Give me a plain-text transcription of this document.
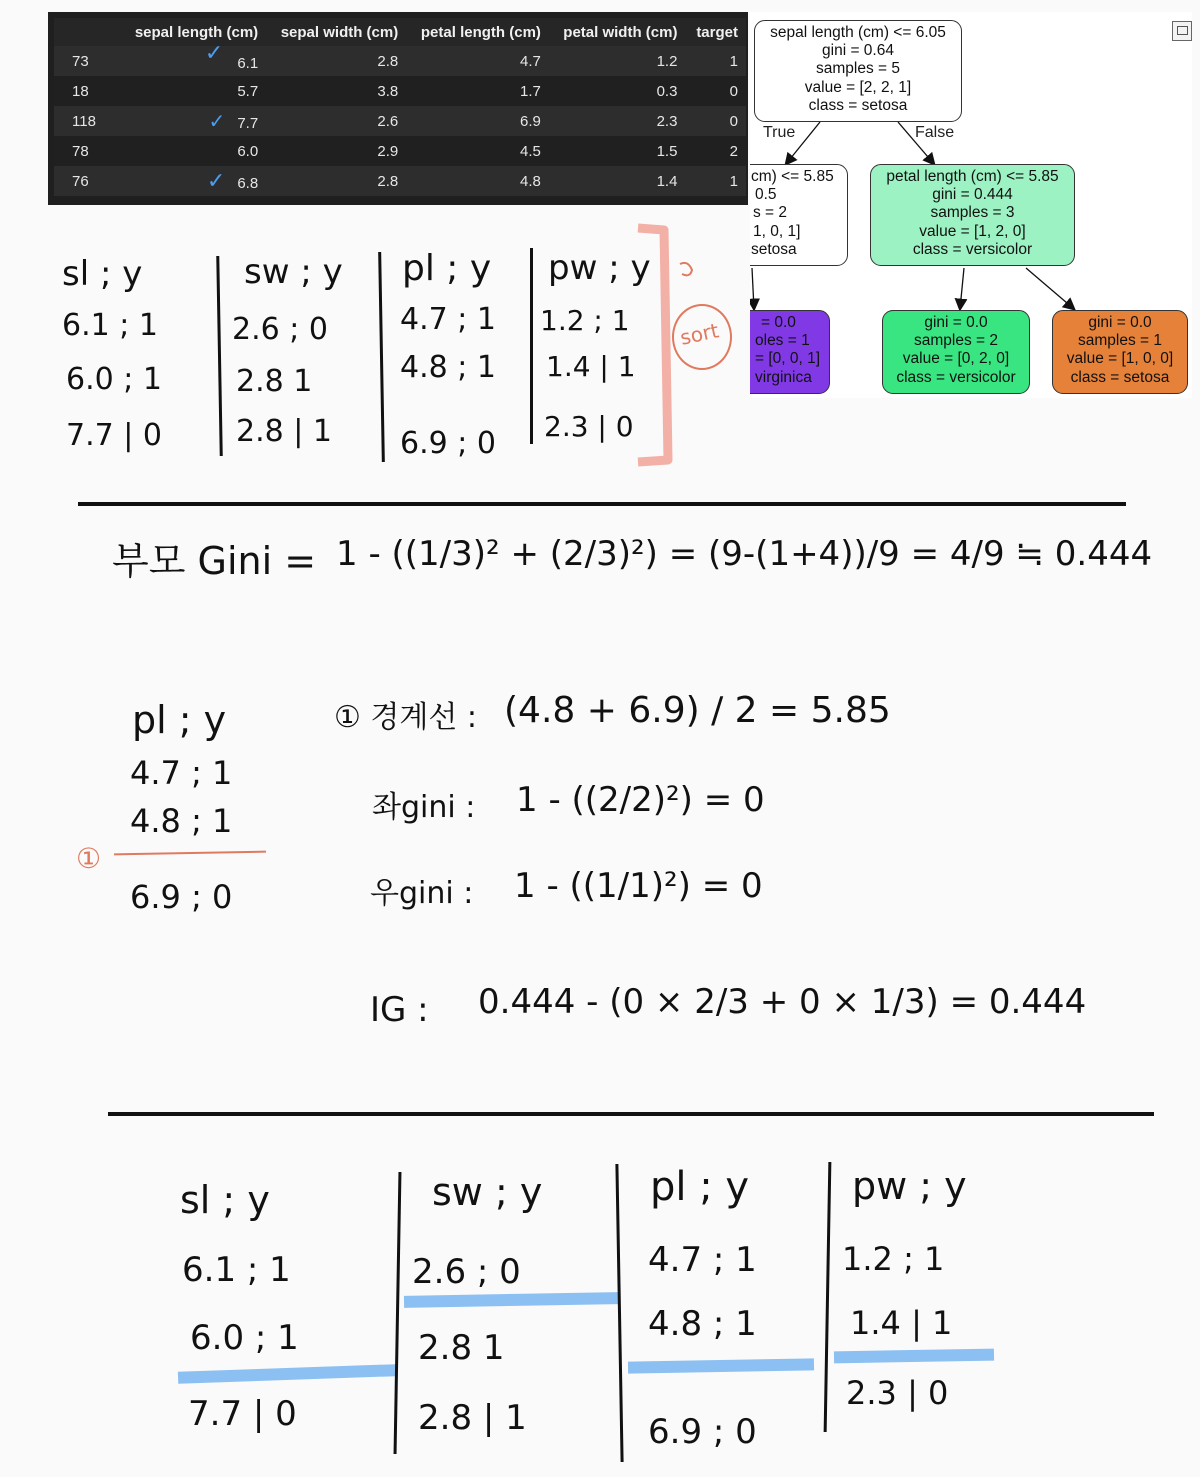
	sepal length (cm)	sepal width (cm)	petal length (cm)	petal width (cm)	target
73	✓ 6.1	2.8	4.7	1.2	1
18	5.7	3.8	1.7	0.3	0
118	✓ 7.7	2.6	6.9	2.3	0
78	6.0	2.9	4.5	1.5	2
76	✓ 6.8	2.8	4.8	1.4	1
sepal length (cm) <= 6.05
gini = 0.64
samples = 5
value = [2, 2, 1]
class = setosa
True	False
cm) <= 5.85
0.5
s = 2
1, 0, 1]
setosa
petal length (cm) <= 5.85
gini = 0.444
samples = 3
value = [1, 2, 0]
class = versicolor
= 0.0
oles = 1
= [0, 0, 1]
virginica
gini = 0.0
samples = 2
value = [0, 2, 0]
class = versicolor
gini = 0.0
samples = 1
value = [1, 0, 0]
class = setosa
sl ; y
6.1 ; 1
6.0 ; 1
7.7 | 0
sw ; y
2.6 ; 0
2.8 1
2.8 | 1
pl ; y
4.7 ; 1
4.8 ; 1
6.9 ; 0
pw ; y
1.2 ; 1
1.4 | 1
2.3 | 0
sort
부모 Gini = 1 - ((1/3)² + (2/3)²) = (9-(1+4))/9 = 4/9 ≒ 0.444
pl ; y
4.7 ; 1
4.8 ; 1
①
6.9 ; 0
① 경계선 : (4.8 + 6.9) / 2 = 5.85
좌gini : 1 - ((2/2)²) = 0
우gini : 1 - ((1/1)²) = 0
IG : 0.444 - (0 × 2/3 + 0 × 1/3) = 0.444
sl ; y
6.1 ; 1
6.0 ; 1
7.7 | 0
sw ; y
2.6 ; 0
2.8 1
2.8 | 1
pl ; y
4.7 ; 1
4.8 ; 1
6.9 ; 0
pw ; y
1.2 ; 1
1.4 | 1
2.3 | 0
